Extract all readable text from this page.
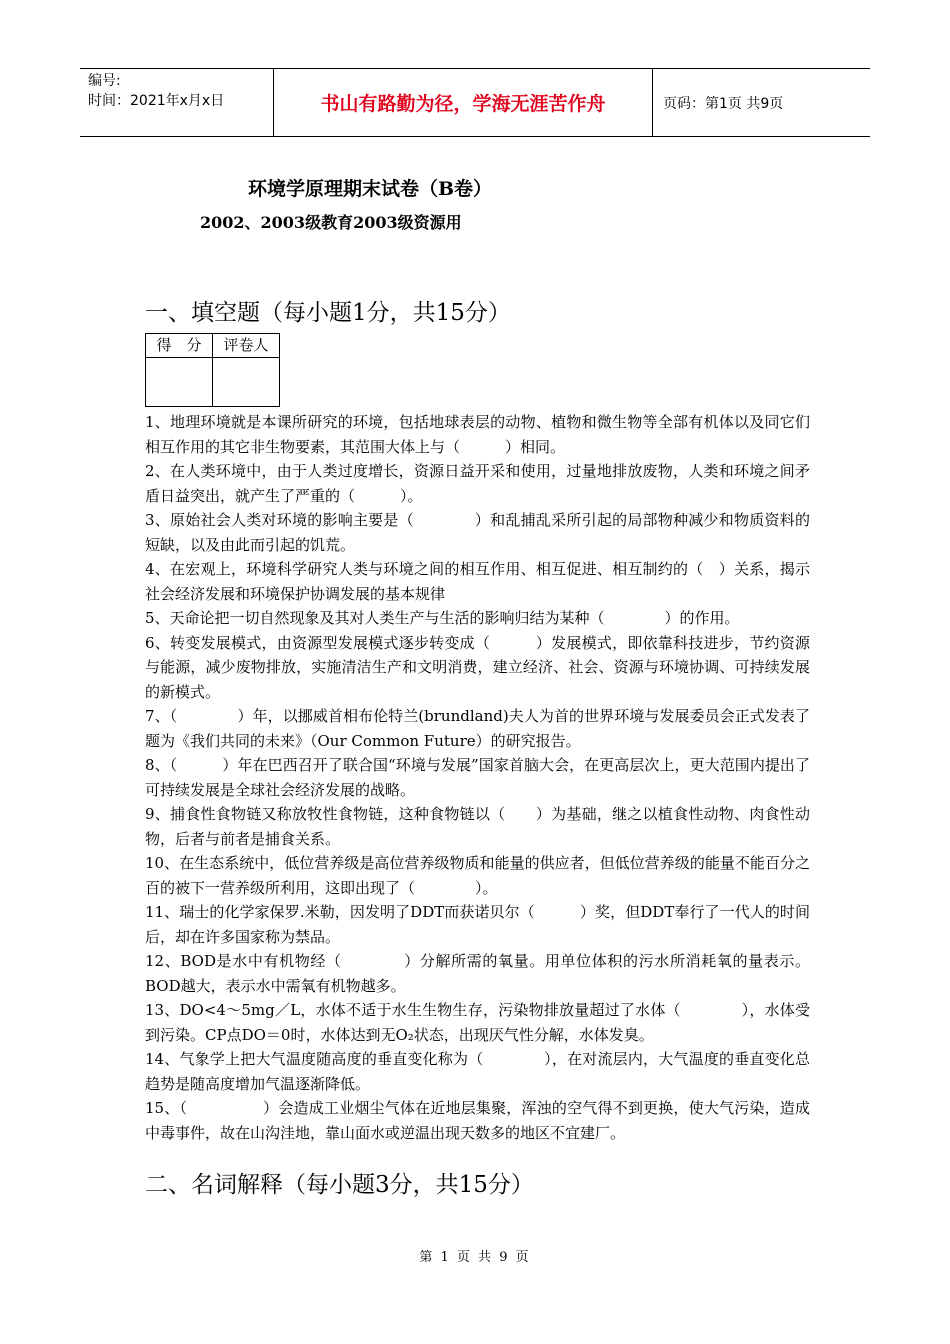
编号:
时间：2021年x月x日	书山有路勤为径，学海无涯苦作舟	页码：第1页 共9页
环境学原理期末试卷（B卷）
2002、2003级教育2003级资源用
一、填空题（每小题1分，共15分）
得　分	评卷人

1、地理环境就是本课所研究的环境，包括地球表层的动物、植物和微生物等全部有机体以及同它们相互作用的其它非生物要素，其范围大体上与（　　　）相同。

2、在人类环境中，由于人类过度增长，资源日益开采和使用，过量地排放废物，人类和环境之间矛盾日益突出，就产生了严重的（　　　）。

3、原始社会人类对环境的影响主要是（　　　　）和乱捕乱采所引起的局部物种减少和物质资料的短缺，以及由此而引起的饥荒。

4、在宏观上，环境科学研究人类与环境之间的相互作用、相互促进、相互制约的（　）关系，揭示社会经济发展和环境保护协调发展的基本规律

5、天命论把一切自然现象及其对人类生产与生活的影响归结为某种（　　　　）的作用。

6、转变发展模式，由资源型发展模式逐步转变成（　　　）发展模式，即依靠科技进步，节约资源与能源，减少废物排放，实施清洁生产和文明消费，建立经济、社会、资源与环境协调、可持续发展的新模式。

7、（　　　　）年，以挪威首相布伦特兰(brundland)夫人为首的世界环境与发展委员会正式发表了题为《我们共同的未来》（Our Common Future）的研究报告。

8、（　　　）年在巴西召开了联合国“环境与发展”国家首脑大会，在更高层次上，更大范围内提出了可持续发展是全球社会经济发展的战略。

9、捕食性食物链又称放牧性食物链，这种食物链以（　　）为基础，继之以植食性动物、肉食性动物，后者与前者是捕食关系。

10、在生态系统中，低位营养级是高位营养级物质和能量的供应者，但低位营养级的能量不能百分之百的被下一营养级所利用，这即出现了（　　　　）。

11、瑞士的化学家保罗.米勒，因发明了DDT而获诺贝尔（　　　）奖，但DDT奉行了一代人的时间后，却在许多国家称为禁品。

12、BOD是水中有机物经（　　　　）分解所需的氧量。用单位体积的污水所消耗氧的量表示。BOD越大，表示水中需氧有机物越多。

13、DO<4～5mg／L，水体不适于水生生物生存，污染物排放量超过了水体（　　　　），水体受到污染。CP点DO＝0时，水体达到无O₂状态，出现厌气性分解，水体发臭。

14、气象学上把大气温度随高度的垂直变化称为（　　　　），在对流层内，大气温度的垂直变化总趋势是随高度增加气温逐渐降低。

15、（　　　　　）会造成工业烟尘气体在近地层集聚，浑浊的空气得不到更换，使大气污染，造成中毒事件，故在山沟洼地，靠山面水或逆温出现天数多的地区不宜建厂。

二、名词解释（每小题3分，共15分）
第 1 页 共 9 页
